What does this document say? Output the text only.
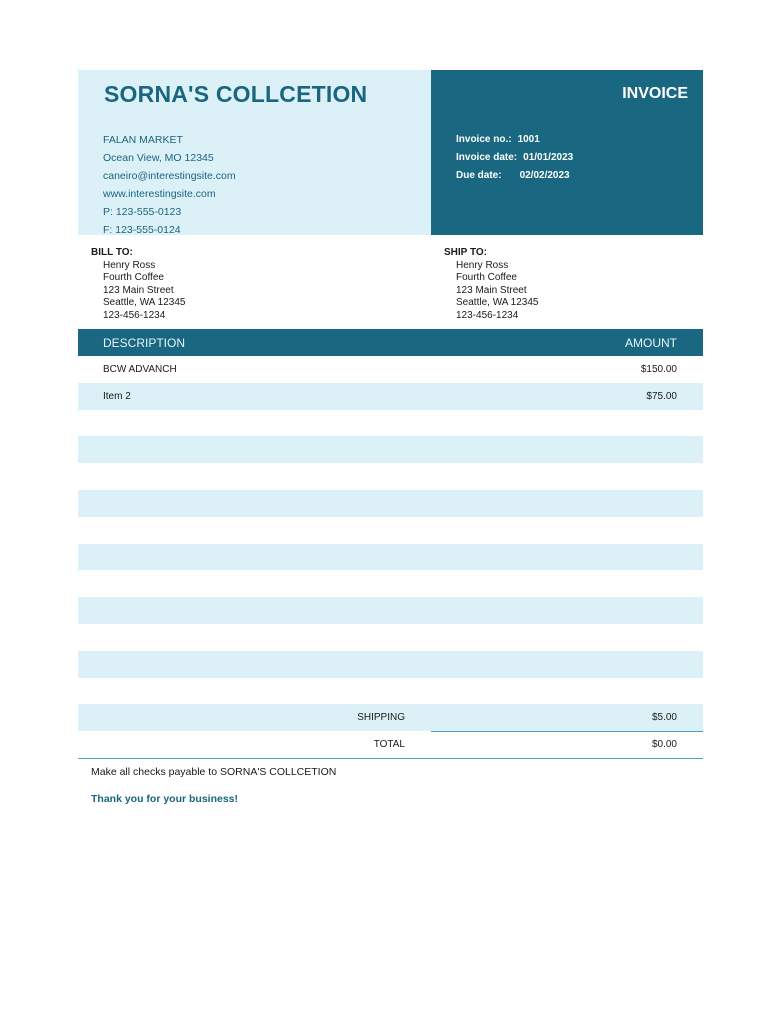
SORNA'S COLLCETION
FALAN MARKET
Ocean View, MO 12345
caneiro@interestingsite.com
www.interestingsite.com
P: 123-555-0123
F: 123-555-0124
INVOICE
Invoice no.: 1001
Invoice date: 01/01/2023
Due date: 02/02/2023
BILL TO:
Henry Ross
Fourth Coffee
123 Main Street
Seattle, WA 12345
123-456-1234
SHIP TO:
Henry Ross
Fourth Coffee
123 Main Street
Seattle, WA 12345
123-456-1234
DESCRIPTION	AMOUNT
BCW ADVANCH	$150.00
Item 2	$75.00
SHIPPING	$5.00
TOTAL	$0.00
Make all checks payable to SORNA'S COLLCETION
Thank you for your business!
